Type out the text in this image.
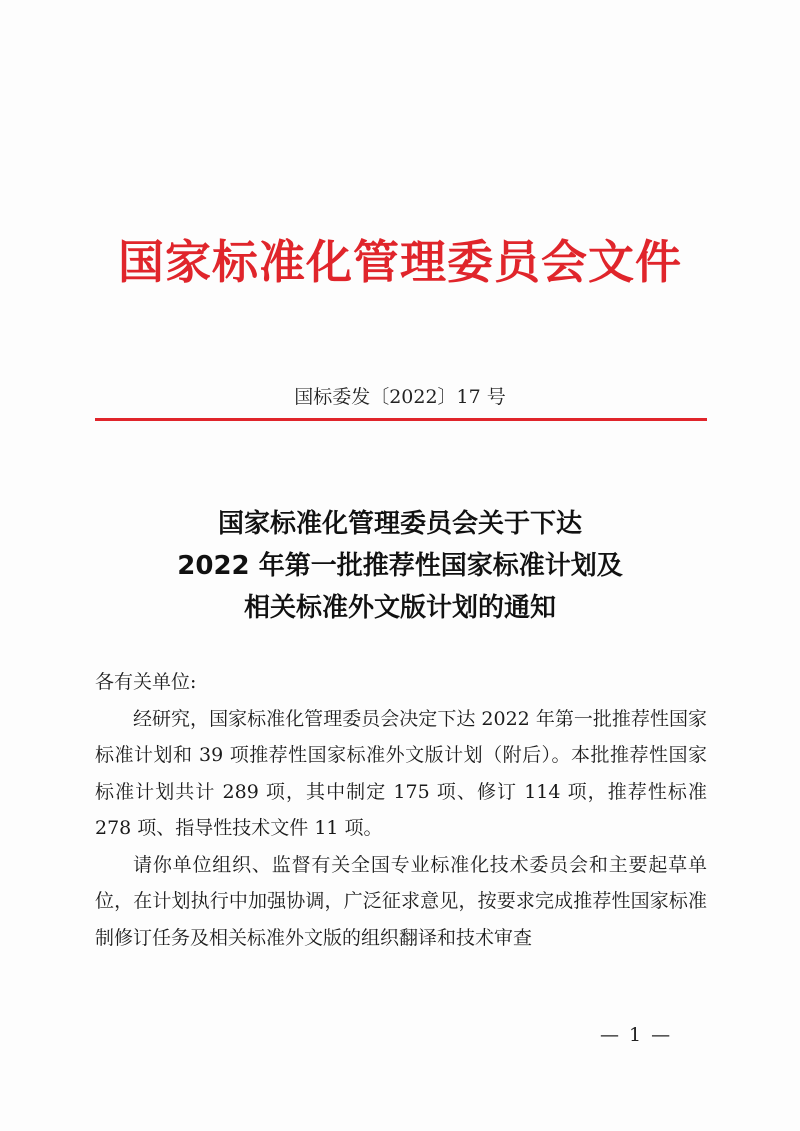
国家标准化管理委员会文件
国标委发〔2022〕17 号
国家标准化管理委员会关于下达
2022 年第一批推荐性国家标准计划及
相关标准外文版计划的通知

各有关单位:

经研究，国家标准化管理委员会决定下达 2022 年第一批推荐性国家标准计划和 39 项推荐性国家标准外文版计划（附后）。本批推荐性国家标准计划共计 289 项，其中制定 175 项、修订 114 项，推荐性标准 278 项、指导性技术文件 11 项。

请你单位组织、监督有关全国专业标准化技术委员会和主要起草单位，在计划执行中加强协调，广泛征求意见，按要求完成推荐性国家标准制修订任务及相关标准外文版的组织翻译和技术审查

— 1 —
